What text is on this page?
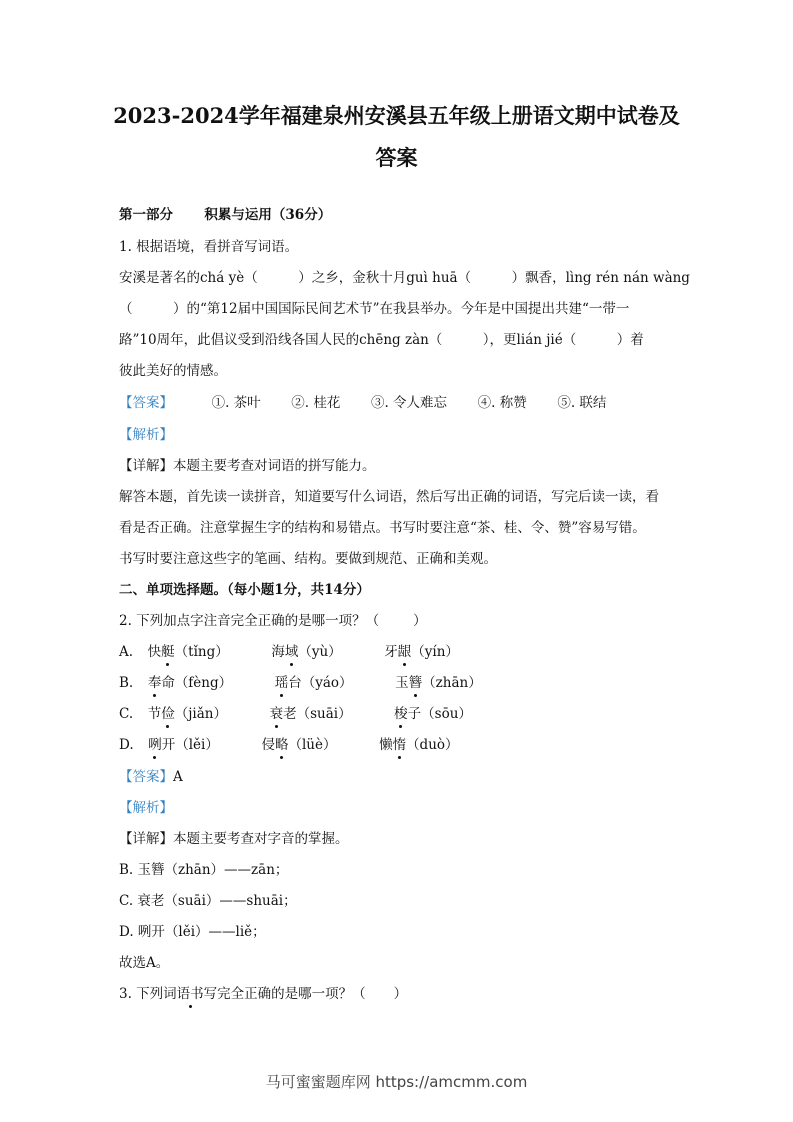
2023-2024学年福建泉州安溪县五年级上册语文期中试卷及
答案
第一部分 积累与运用（36分）
1. 根据语境，看拼音写词语。
安溪是著名的chá yè（　　　）之乡，金秋十月guì huā（　　　）飘香，lìng rén nán wàng
（　　　）的“第12届中国国际民间艺术节”在我县举办。今年是中国提出共建“一带一
路”10周年，此倡议受到沿线各国人民的chēng zàn（　　　），更lián jié（　　　）着
彼此美好的情感。
【答案】	①. 茶叶 ②. 桂花 ③. 令人难忘 ④. 称赞 ⑤. 联结
【解析】
【详解】本题主要考查对词语的拼写能力。
解答本题，首先读一读拼音，知道要写什么词语，然后写出正确的词语，写完后读一读，看
看是否正确。注意掌握生字的结构和易错点。书写时要注意“茶、桂、令、赞”容易写错。
书写时要注意这些字的笔画、结构。要做到规范、正确和美观。
二、单项选择题。（每小题1分，共14分）
2. 下列加点字注音完全正确的是哪一项？（	）
A. 快艇（tǐng）	海域（yù）	牙龈（yín）
B. 奉命（fèng）	瑶台（yáo）	玉簪（zhān）
C. 节俭（jiǎn）	衰老（suāi）	梭子（sōu）
D. 咧开（lěi）	侵略（lüè）	懒惰（duò）
【答案】A
【解析】
【详解】本题主要考查对字音的掌握。
B. 玉簪（zhān）——zān；
C. 衰老（suāi）——shuāi；
D. 咧开（lěi）——liě；
故选A。
3. 下列词语书写完全正确的是哪一项？（ ）
马可蜜蜜题库网 https://amcmm.com
